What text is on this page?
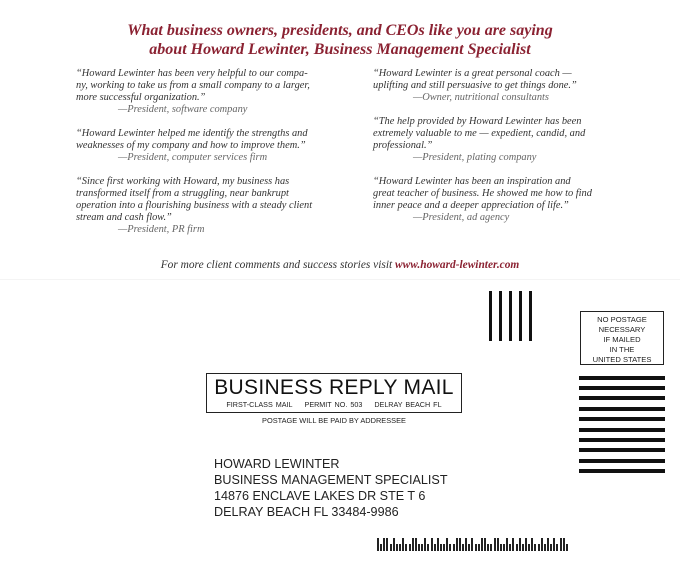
What business owners, presidents, and CEOs like you are saying

about Howard Lewinter, Business Management Specialist

“Howard Lewinter has been very helpful to our compa-
ny, working to take us from a small company to a larger,
more successful organization.”

—President, software company

“Howard Lewinter helped me identify the strengths and
weaknesses of my company and how to improve them.”

—President, computer services firm

“Since first working with Howard, my business has
transformed itself from a struggling, near bankrupt
operation into a flourishing business with a steady client
stream and cash flow.”

—President, PR firm

“Howard Lewinter is a great personal coach —
uplifting and still persuasive to get things done.”

—Owner, nutritional consultants

“The help provided by Howard Lewinter has been
extremely valuable to me — expedient, candid, and
professional.”

—President, plating company

“Howard Lewinter has been an inspiration and
great teacher of business. He showed me how to find
inner peace and a deeper appreciation of life.”

—President, ad agency

For more client comments and success stories visit www.howard-lewinter.com
NO POSTAGE
NECESSARY
IF MAILED
IN THE
UNITED STATES
BUSINESS REPLY MAIL
FIRST-CLASS MAIL PERMIT NO. 503 DELRAY BEACH FL
POSTAGE WILL BE PAID BY ADDRESSEE
HOWARD LEWINTER
BUSINESS MANAGEMENT SPECIALIST
14876 ENCLAVE LAKES DR STE T 6
DELRAY BEACH FL 33484-9986
